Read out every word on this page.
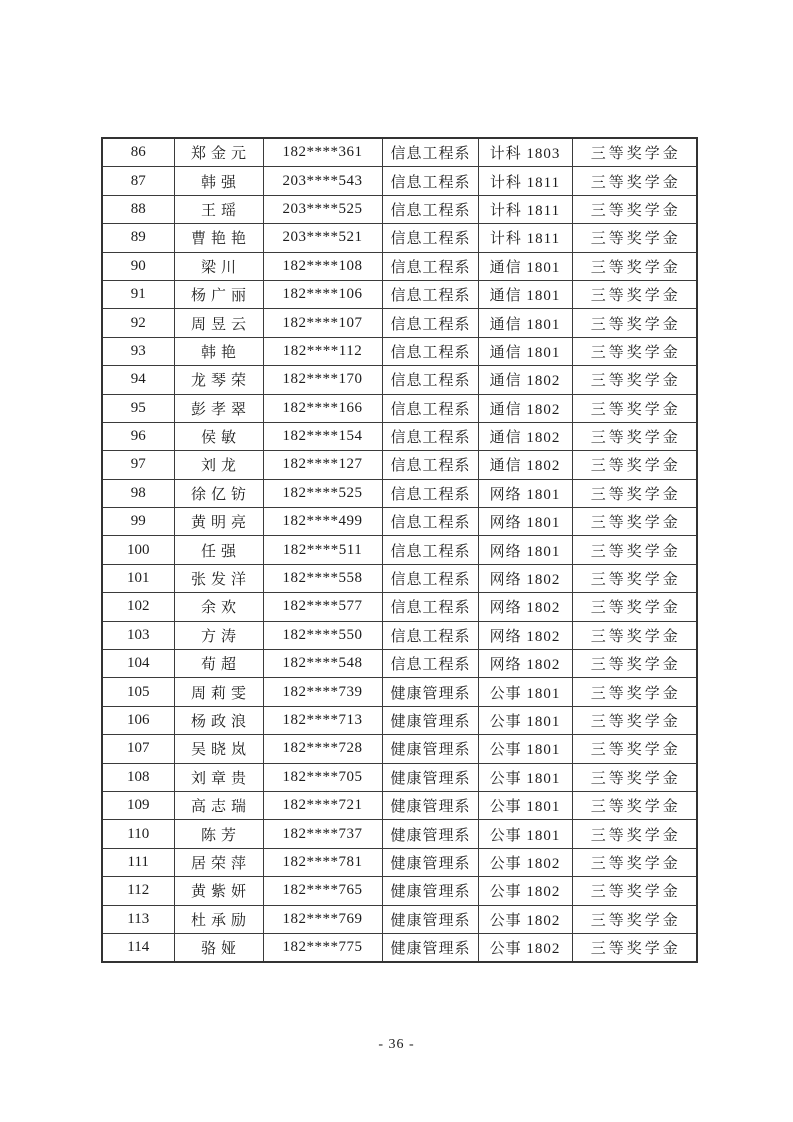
86	郑金元	182****361	信息工程系	计科 1803	三等奖学金
87	韩强	203****543	信息工程系	计科 1811	三等奖学金
88	王瑶	203****525	信息工程系	计科 1811	三等奖学金
89	曹艳艳	203****521	信息工程系	计科 1811	三等奖学金
90	梁川	182****108	信息工程系	通信 1801	三等奖学金
91	杨广丽	182****106	信息工程系	通信 1801	三等奖学金
92	周昱云	182****107	信息工程系	通信 1801	三等奖学金
93	韩艳	182****112	信息工程系	通信 1801	三等奖学金
94	龙琴荣	182****170	信息工程系	通信 1802	三等奖学金
95	彭孝翠	182****166	信息工程系	通信 1802	三等奖学金
96	侯敏	182****154	信息工程系	通信 1802	三等奖学金
97	刘龙	182****127	信息工程系	通信 1802	三等奖学金
98	徐亿钫	182****525	信息工程系	网络 1801	三等奖学金
99	黄明亮	182****499	信息工程系	网络 1801	三等奖学金
100	任强	182****511	信息工程系	网络 1801	三等奖学金
101	张发洋	182****558	信息工程系	网络 1802	三等奖学金
102	余欢	182****577	信息工程系	网络 1802	三等奖学金
103	方涛	182****550	信息工程系	网络 1802	三等奖学金
104	荀超	182****548	信息工程系	网络 1802	三等奖学金
105	周莉雯	182****739	健康管理系	公事 1801	三等奖学金
106	杨政浪	182****713	健康管理系	公事 1801	三等奖学金
107	吴晓岚	182****728	健康管理系	公事 1801	三等奖学金
108	刘章贵	182****705	健康管理系	公事 1801	三等奖学金
109	高志瑞	182****721	健康管理系	公事 1801	三等奖学金
110	陈芳	182****737	健康管理系	公事 1801	三等奖学金
111	居荣萍	182****781	健康管理系	公事 1802	三等奖学金
112	黄紫妍	182****765	健康管理系	公事 1802	三等奖学金
113	杜承励	182****769	健康管理系	公事 1802	三等奖学金
114	骆娅	182****775	健康管理系	公事 1802	三等奖学金
- 36 -
